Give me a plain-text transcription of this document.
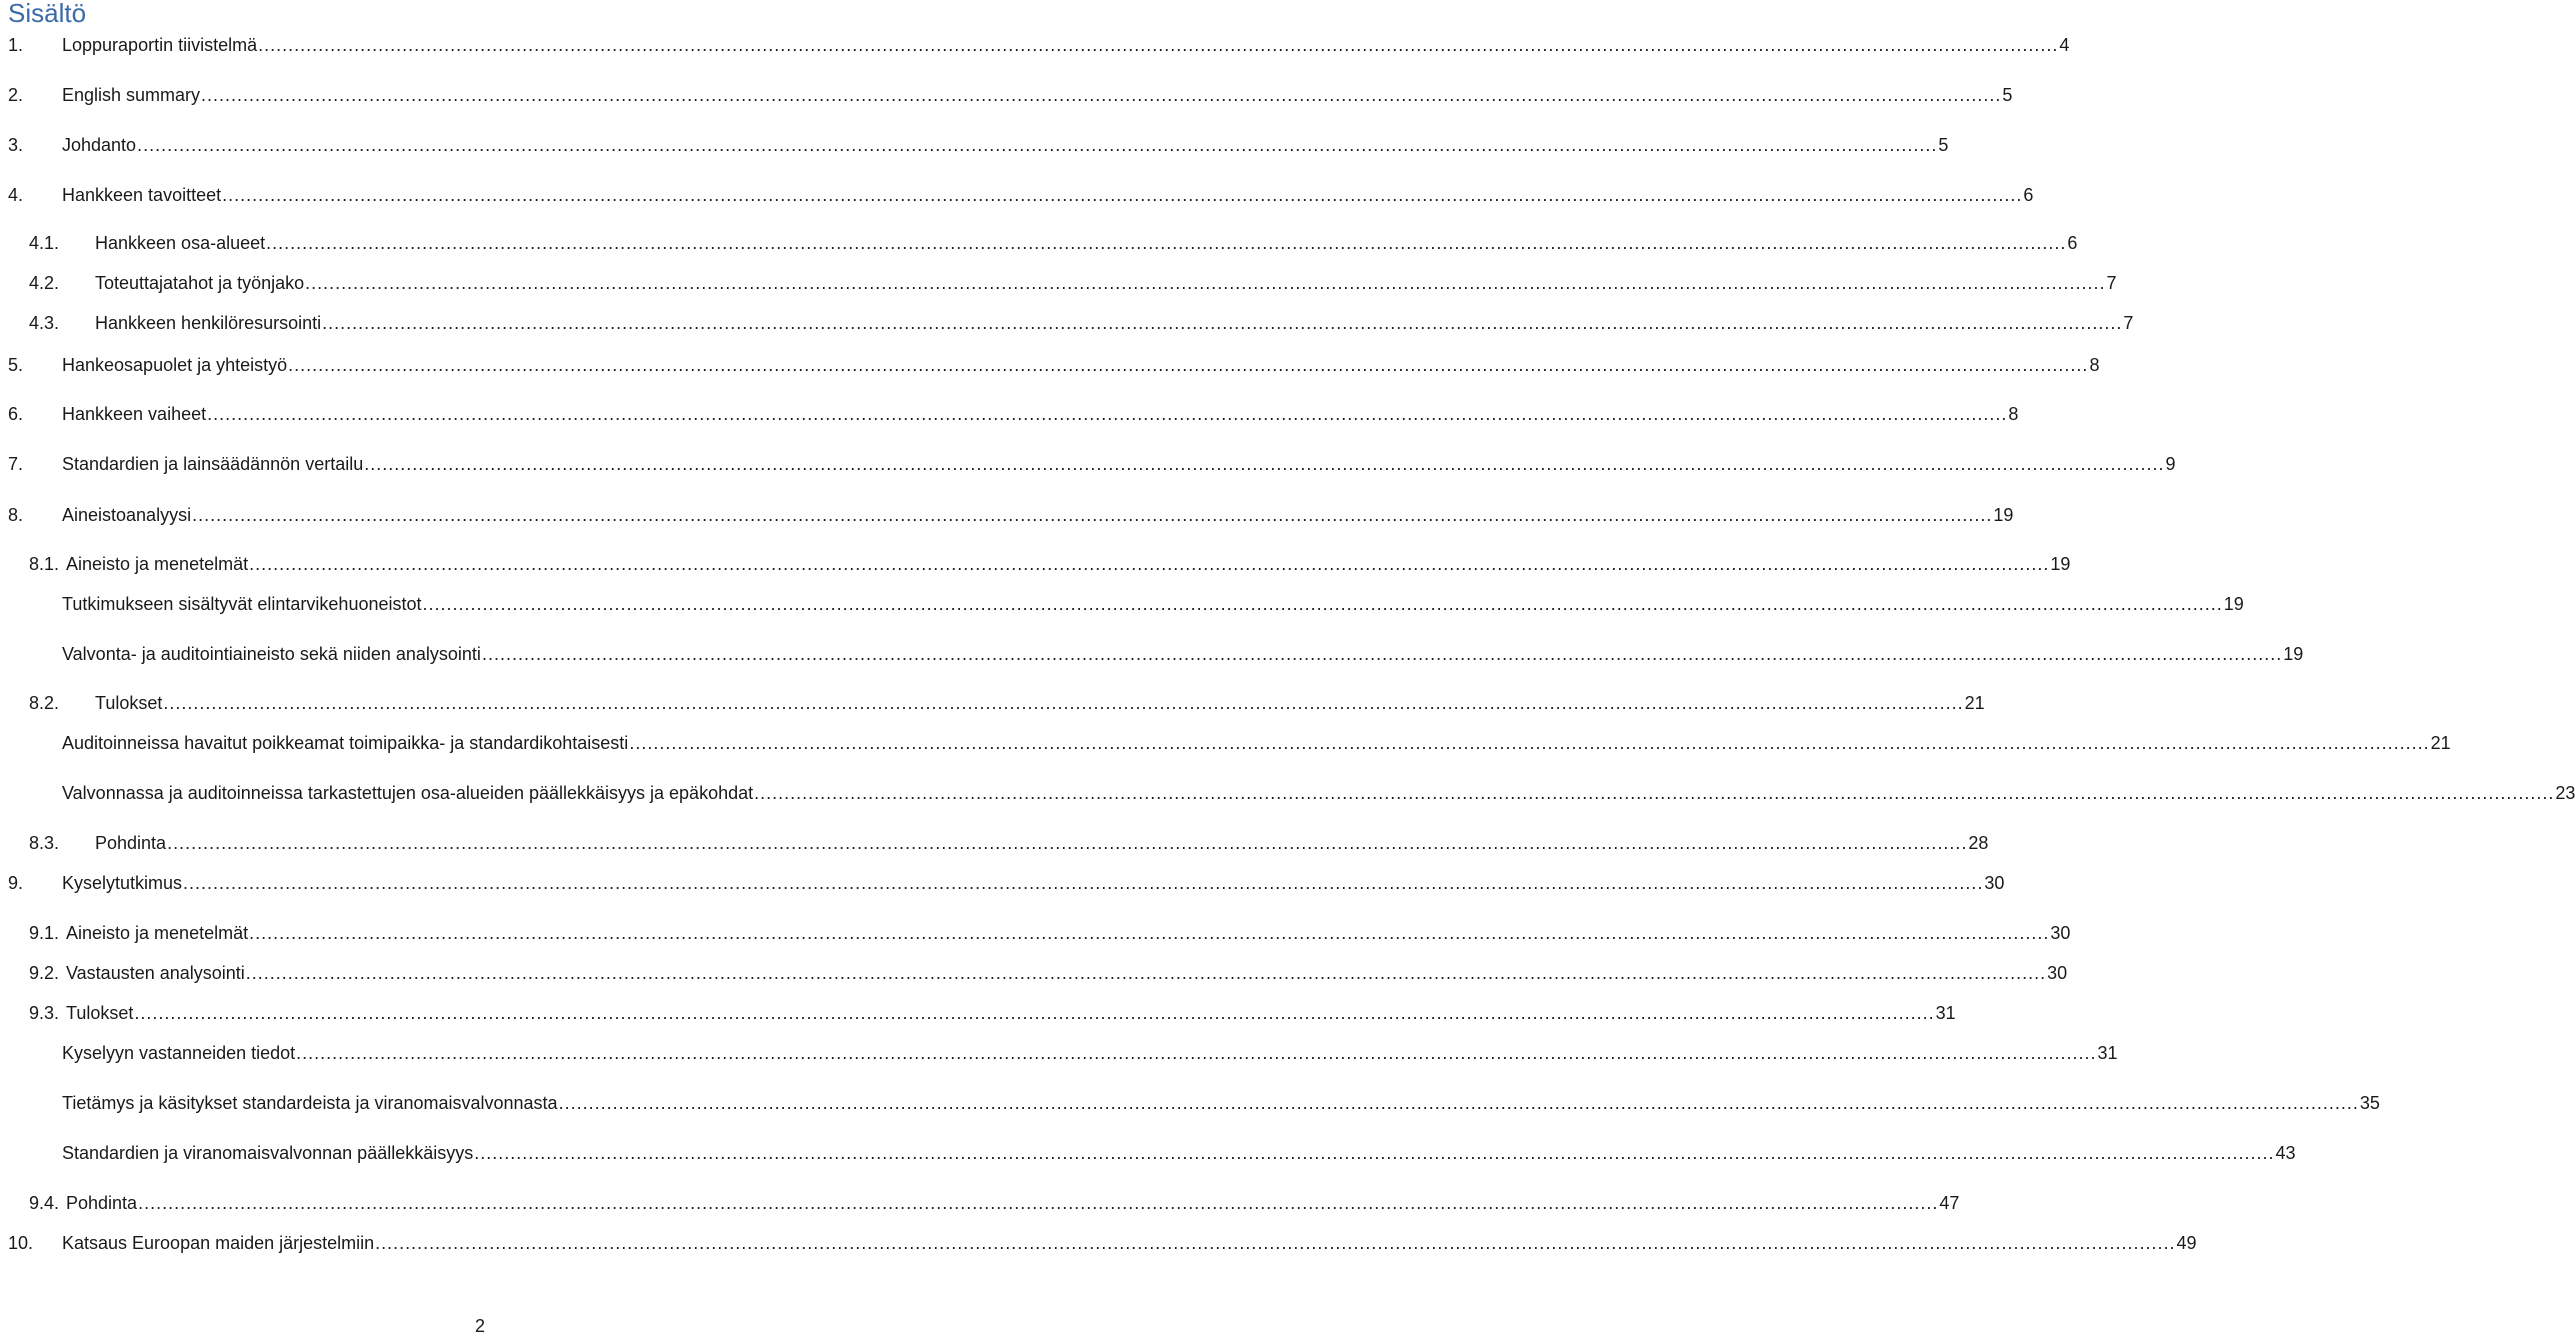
Sisältö
1. Loppuraportin tiivistelmä ............................................................................................................................................................................................................................................................................................................ 4
2. English summary ............................................................................................................................................................................................................................................................................................................ 5
3. Johdanto ............................................................................................................................................................................................................................................................................................................ 5
4. Hankkeen tavoitteet ............................................................................................................................................................................................................................................................................................................ 6
4.1. Hankkeen osa-alueet ............................................................................................................................................................................................................................................................................................................ 6
4.2. Toteuttajatahot ja työnjako ............................................................................................................................................................................................................................................................................................................ 7
4.3. Hankkeen henkilöresursointi ............................................................................................................................................................................................................................................................................................................ 7
5. Hankeosapuolet ja yhteistyö ............................................................................................................................................................................................................................................................................................................ 8
6. Hankkeen vaiheet ............................................................................................................................................................................................................................................................................................................ 8
7. Standardien ja lainsäädännön vertailu ............................................................................................................................................................................................................................................................................................................ 9
8. Aineistoanalyysi ............................................................................................................................................................................................................................................................................................................ 19
8.1. Aineisto ja menetelmät ............................................................................................................................................................................................................................................................................................................ 19
Tutkimukseen sisältyvät elintarvikehuoneistot ............................................................................................................................................................................................................................................................................................................ 19
Valvonta- ja auditointiaineisto sekä niiden analysointi ............................................................................................................................................................................................................................................................................................................ 19
8.2. Tulokset ............................................................................................................................................................................................................................................................................................................ 21
Auditoinneissa havaitut poikkeamat toimipaikka- ja standardikohtaisesti ............................................................................................................................................................................................................................................................................................................ 21
Valvonnassa ja auditoinneissa tarkastettujen osa-alueiden päällekkäisyys ja epäkohdat ............................................................................................................................................................................................................................................................................................................ 23
8.3. Pohdinta ............................................................................................................................................................................................................................................................................................................ 28
9. Kyselytutkimus ............................................................................................................................................................................................................................................................................................................ 30
9.1. Aineisto ja menetelmät ............................................................................................................................................................................................................................................................................................................ 30
9.2. Vastausten analysointi ............................................................................................................................................................................................................................................................................................................ 30
9.3. Tulokset ............................................................................................................................................................................................................................................................................................................ 31
Kyselyyn vastanneiden tiedot ............................................................................................................................................................................................................................................................................................................ 31
Tietämys ja käsitykset standardeista ja viranomaisvalvonnasta ............................................................................................................................................................................................................................................................................................................ 35
Standardien ja viranomaisvalvonnan päällekkäisyys ............................................................................................................................................................................................................................................................................................................ 43
9.4. Pohdinta ............................................................................................................................................................................................................................................................................................................ 47
10. Katsaus Euroopan maiden järjestelmiin ............................................................................................................................................................................................................................................................................................................ 49
2
